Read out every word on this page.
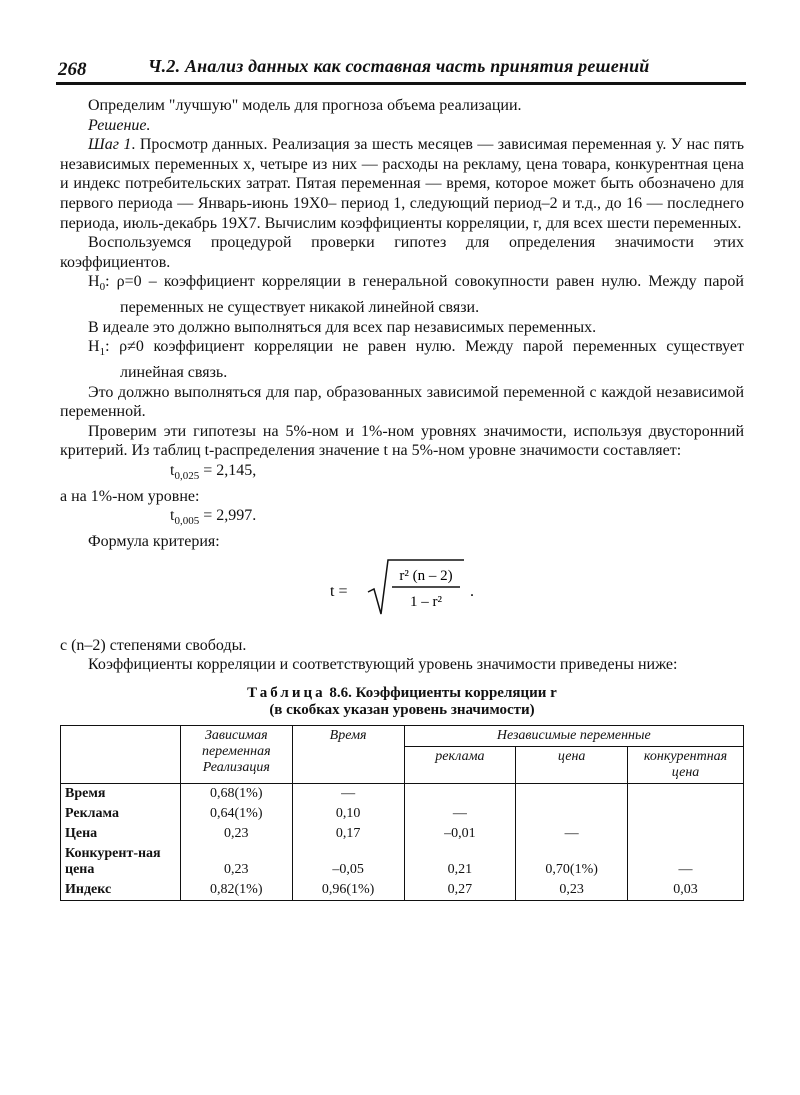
268	Ч.2. Анализ данных как составная часть принятия решений

Определим "лучшую" модель для прогноза объема реализации.

Решение.

Шаг 1. Просмотр данных. Реализация за шесть месяцев — зависимая переменная у. У нас пять независимых переменных х, четыре из них — расходы на рекламу, цена товара, конкурентная цена и индекс потребительских затрат. Пятая переменная — время, которое может быть обозначено для первого периода — Январь-июнь 19Х0– период 1, следующий период–2 и т.д., до 16 — последнего периода, июль-декабрь 19Х7. Вычислим коэффициенты корреляции, r, для всех шести переменных.

Воспользуемся процедурой проверки гипотез для определения значимости этих коэффициентов.

$H_0$: ρ=0 – коэффициент корреляции в генеральной совокупности равен нулю. Между парой переменных не существует никакой линейной связи.

В идеале это должно выполняться для всех пар независимых переменных.

$H_1$: ρ≠0 коэффициент корреляции не равен нулю. Между парой переменных существует линейная связь.

Это должно выполняться для пар, образованных зависимой переменной с каждой независимой переменной.

Проверим эти гипотезы на 5%-ном и 1%-ном уровнях значимости, используя двусторонний критерий. Из таблиц t-распределения значение t на 5%-ном уровне значимости составляет:

$t_{0,025} = 2,145$,

а на 1%-ном уровне:

$t_{0,005} = 2,997$.

Формула критерия:

t =
r² (n – 2)
1 – r²
.

с (n–2) степенями свободы.

Коэффициенты корреляции и соответствующий уровень значимости приведены ниже:

Таблица 8.6. Коэффициенты корреляции r
(в скобках указан уровень значимости)
	Зависимая переменная Реализация	Время	Независимые переменные		
			реклама	цена	конкурентная цена
Время	0,68(1%)	—			
Реклама	0,64(1%)	0,10	—		
Цена	0,23	0,17	–0,01	—	
Конкурент-ная цена	0,23	–0,05	0,21	0,70(1%)	—
Индекс	0,82(1%)	0,96(1%)	0,27	0,23	0,03
